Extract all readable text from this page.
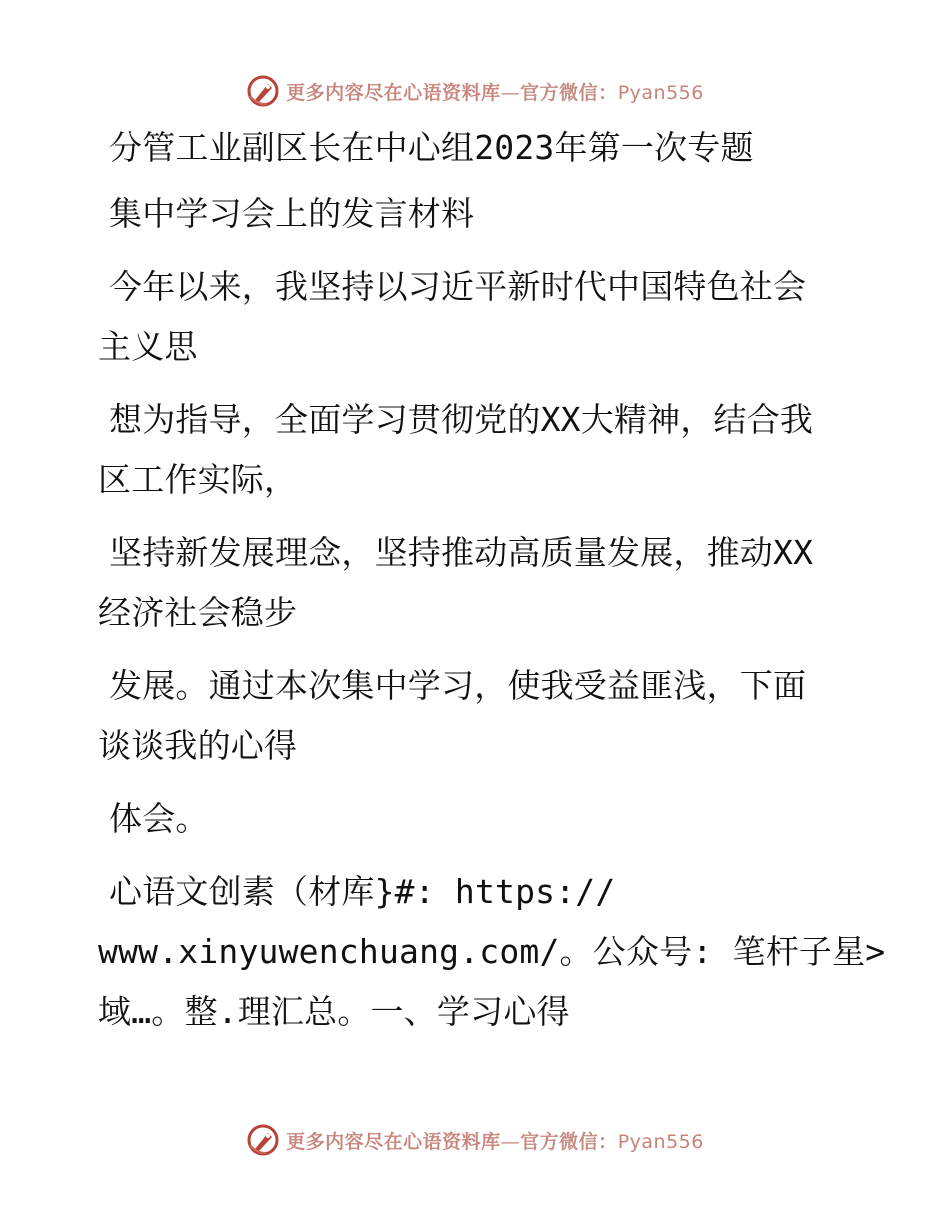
更多内容尽在心语资料库—官方微信：Pyan556
分管工业副区长在中心组2023年第一次专题
集中学习会上的发言材料
今年以来，我坚持以习近平新时代中国特色社会
主义思
想为指导，全面学习贯彻党的XX大精神，结合我
区工作实际，
坚持新发展理念，坚持推动高质量发展，推动XX
经济社会稳步
发展。通过本次集中学习，使我受益匪浅，下面
谈谈我的心得
体会。
心语文创素（材库}#: https://
www.xinyuwenchuang.com/。公众号: 笔杆子星>
域…。整.理汇总。一、学习心得
更多内容尽在心语资料库—官方微信：Pyan556
